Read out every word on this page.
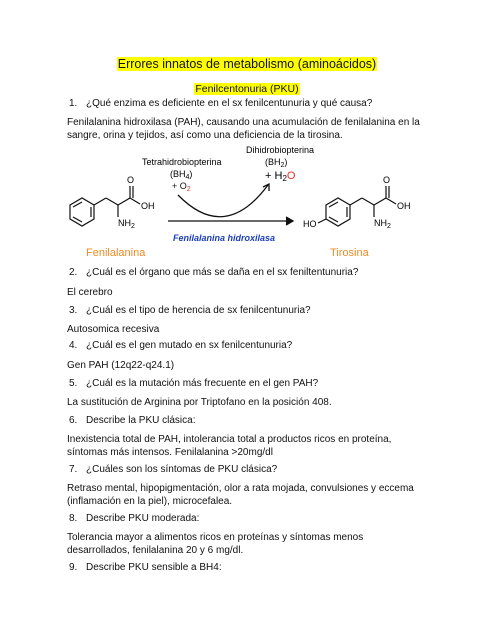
Errores innatos de metabolismo (aminoácidos)
Fenilcentonuria (PKU)
1. ¿Qué enzima es deficiente en el sx fenilcentunuria y qué causa?
Fenilalanina hidroxilasa (PAH), causando una acumulación de fenilalanina en la sangre, orina y tejidos, así como una deficiencia de la tirosina.
O
OH
$NH_2$
Fenilalanina
Tetrahidrobiopterina
$(BH_4)$
+ $O_2$
Dihidrobiopterina
$(BH_2)$
+ H2O
Fenilalanina hidroxilasa
HO
O
OH
$NH_2$
Tirosina
2. ¿Cuál es el órgano que más se daña en el sx feniltentunuria?
El cerebro
3. ¿Cuál es el tipo de herencia de sx fenilcentunuria?
Autosomica recesiva
4. ¿Cuál es el gen mutado en sx fenilcentunuria?
Gen PAH (12q22-q24.1)
5. ¿Cuál es la mutación más frecuente en el gen PAH?
La sustitución de Arginina por Triptofano en la posición 408.
6. Describe la PKU clásica:
Inexistencia total de PAH, intolerancia total a productos ricos en proteína, síntomas más intensos. Fenilalanina >20mg/dl
7. ¿Cuáles son los síntomas de PKU clásica?
Retraso mental, hipopigmentación, olor a rata mojada, convulsiones y eccema (inflamación en la piel), microcefalea.
8. Describe PKU moderada:
Tolerancia mayor a alimentos ricos en proteínas y síntomas menos desarrollados, fenilalanina 20 y 6 mg/dl.
9. Describe PKU sensible a BH4:
